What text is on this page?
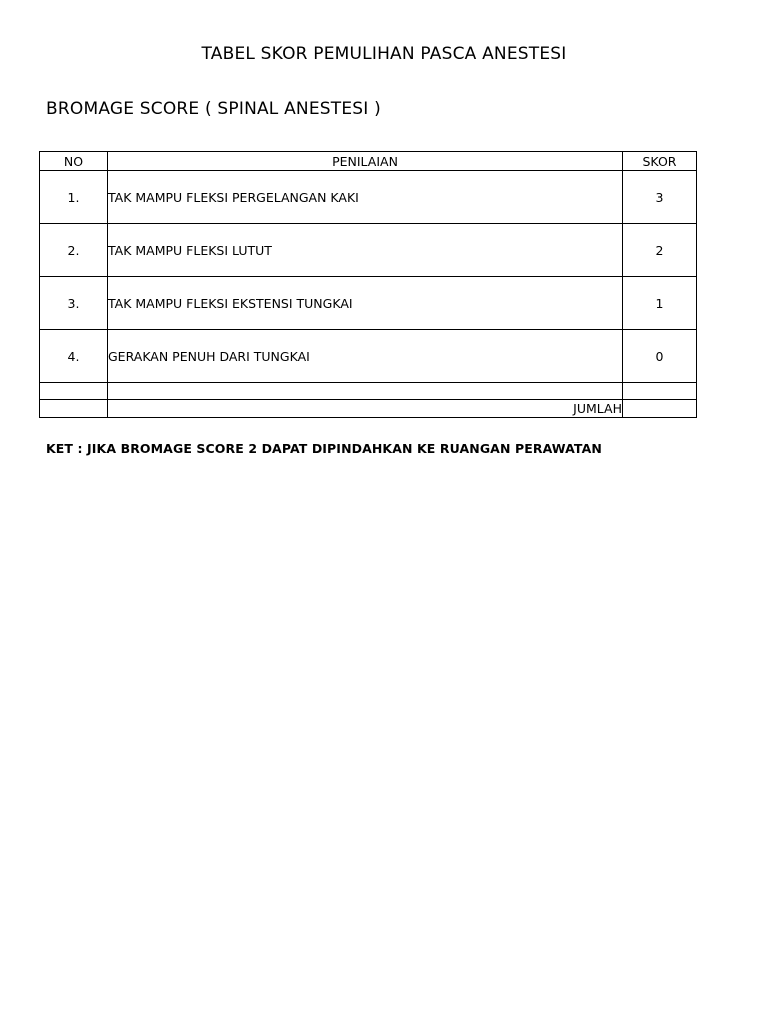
TABEL SKOR PEMULIHAN PASCA ANESTESI
BROMAGE SCORE ( SPINAL ANESTESI )
NO	PENILAIAN	SKOR
1.	TAK MAMPU FLEKSI PERGELANGAN KAKI	3
2.	TAK MAMPU FLEKSI LUTUT	2
3.	TAK MAMPU FLEKSI EKSTENSI TUNGKAI	1
4.	GERAKAN PENUH DARI TUNGKAI	0

	JUMLAH	
KET : JIKA BROMAGE SCORE 2 DAPAT DIPINDAHKAN KE RUANGAN PERAWATAN
